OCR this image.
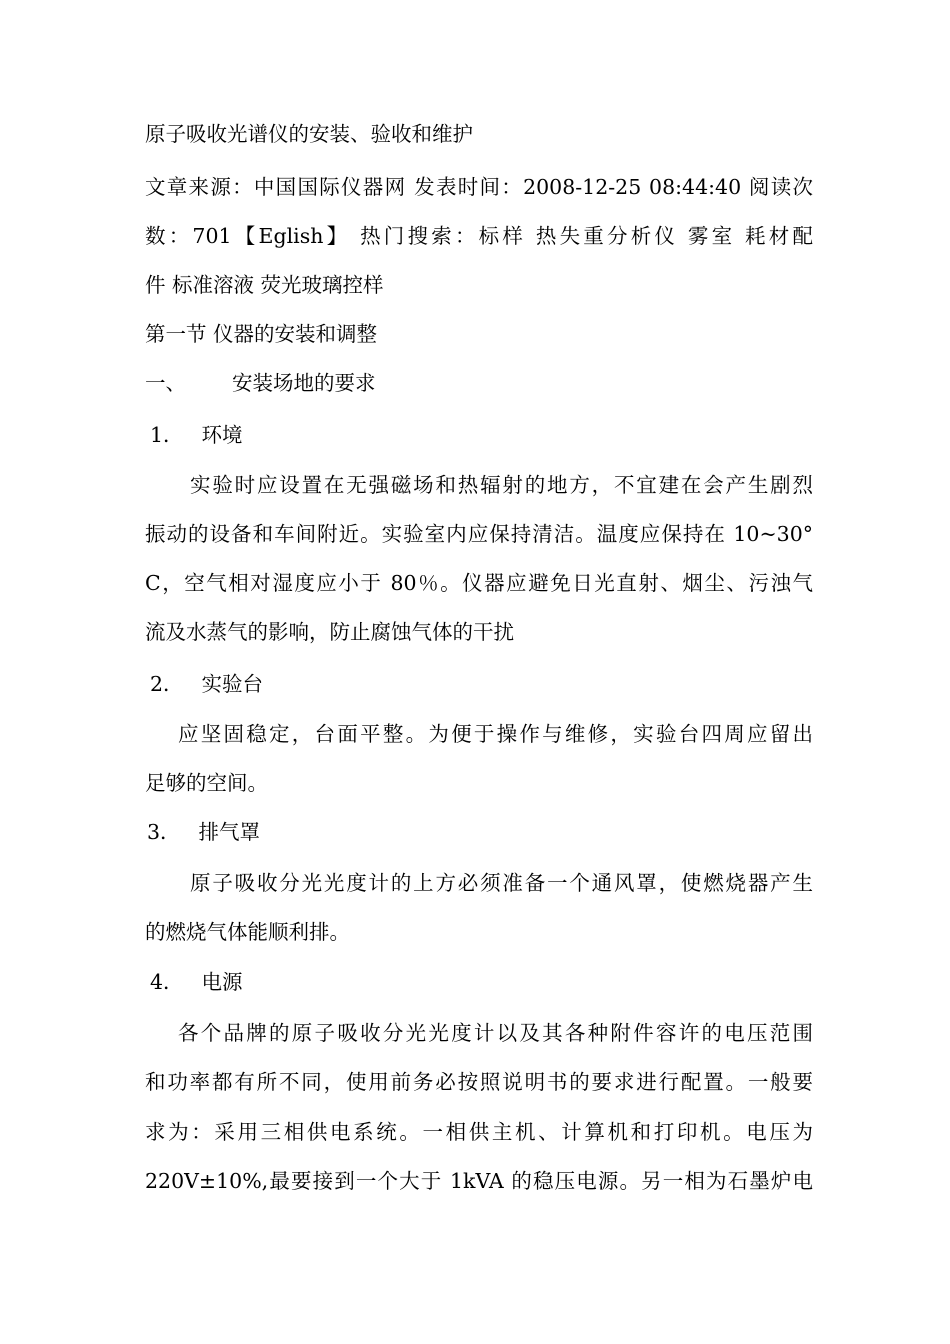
原子吸收光谱仪的安装、验收和维护
文章来源：中国国际仪器网 发表时间：2008-12-25 08:44:40 阅读次
数：701【Eglish】 热门搜索：标样 热失重分析仪 雾室 耗材配
件 标准溶液 荧光玻璃控样
第一节 仪器的安装和调整
一、 安装场地的要求
1． 环境
实验时应设置在无强磁场和热辐射的地方，不宜建在会产生剧烈
振动的设备和车间附近。实验室内应保持清洁。温度应保持在 10~30°
C，空气相对湿度应小于 80％。仪器应避免日光直射、烟尘、污浊气
流及水蒸气的影响，防止腐蚀气体的干扰
2． 实验台
应坚固稳定，台面平整。为便于操作与维修，实验台四周应留出
足够的空间。
3． 排气罩
原子吸收分光光度计的上方必须准备一个通风罩，使燃烧器产生
的燃烧气体能顺利排。
4． 电源
各个品牌的原子吸收分光光度计以及其各种附件容许的电压范围
和功率都有所不同，使用前务必按照说明书的要求进行配置。一般要
求为：采用三相供电系统。一相供主机、计算机和打印机。电压为
220V±10%,最要接到一个大于 1kVA 的稳压电源。另一相为石墨炉电
